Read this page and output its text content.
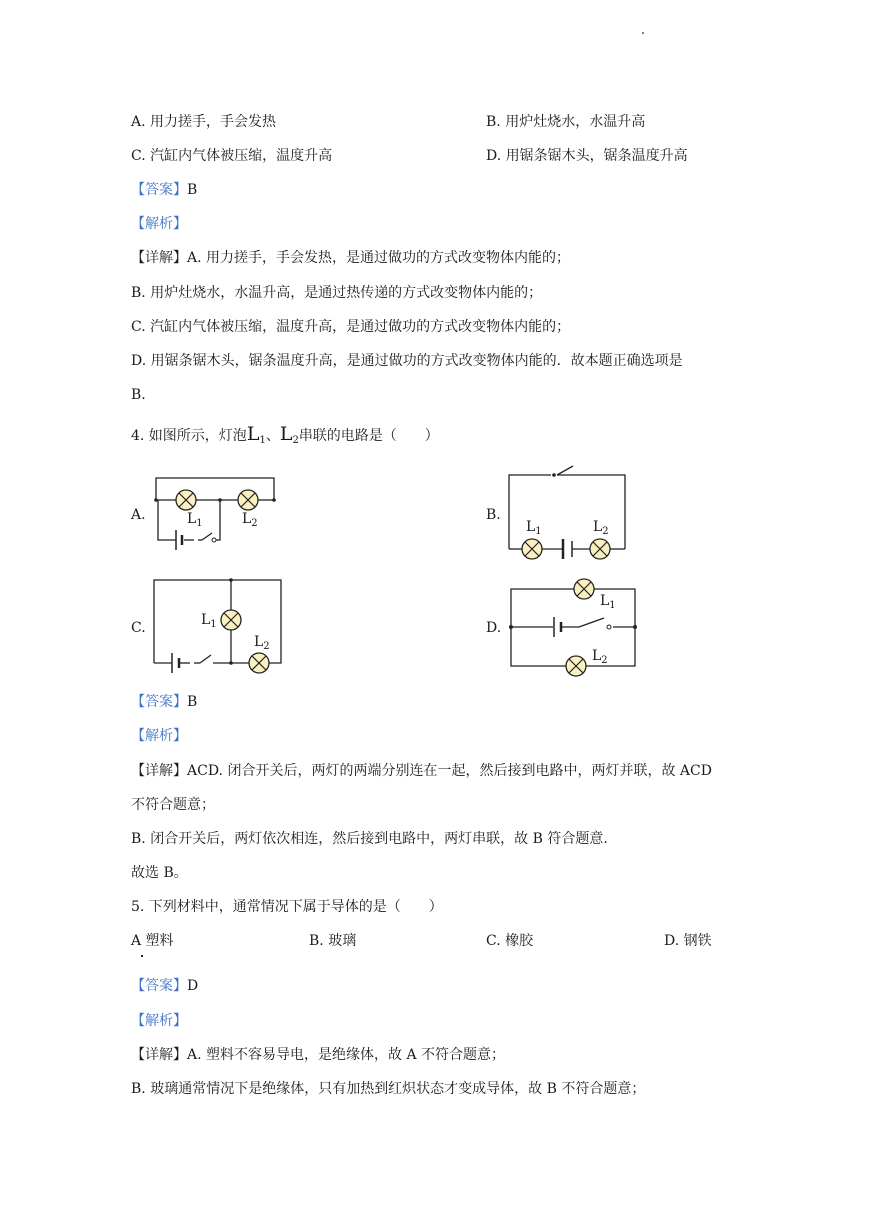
A. 用力搓手，手会发热	B. 用炉灶烧水，水温升高
C. 汽缸内气体被压缩，温度升高	D. 用锯条锯木头，锯条温度升高
【答案】B
【解析】
【详解】A. 用力搓手，手会发热，是通过做功的方式改变物体内能的；
B. 用炉灶烧水，水温升高，是通过热传递的方式改变物体内能的；
C. 汽缸内气体被压缩，温度升高，是通过做功的方式改变物体内能的；
D. 用锯条锯木头，锯条温度升高，是通过做功的方式改变物体内能的．故本题正确选项是
B.
4. 如图所示，灯泡$L_1$、$L_2$串联的电路是（　　）
A.	$L_1$	$L_2$
B.
$L_1$	$L_2$
C.	$L_1$
$L_2$
D.
$L_1$
$L_2$
【答案】B
【解析】
【详解】ACD. 闭合开关后，两灯的两端分别连在一起，然后接到电路中，两灯并联，故 ACD
不符合题意；
B. 闭合开关后，两灯依次相连，然后接到电路中，两灯串联，故 B 符合题意.
故选 B。
5. 下列材料中，通常情况下属于导体的是（　　）
A 塑料	B. 玻璃	C. 橡胶	D. 钢铁
【答案】D
【解析】
【详解】A. 塑料不容易导电，是绝缘体，故 A 不符合题意；
B. 玻璃通常情况下是绝缘体，只有加热到红炽状态才变成导体，故 B 不符合题意；
